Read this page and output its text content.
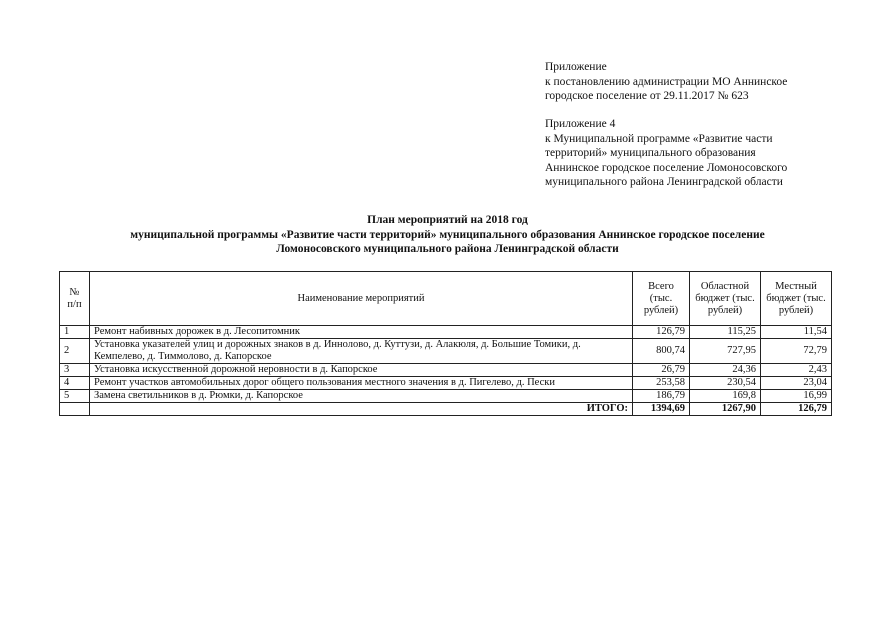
Приложение
к постановлению администрации МО Аннинское
городское поселение от 29.11.2017 № 623
Приложение 4
к Муниципальной программе «Развитие части
территорий» муниципального образования
Аннинское городское поселение Ломоносовского
муниципального района Ленинградской области
План мероприятий на 2018 год
муниципальной программы «Развитие части территорий» муниципального образования Аннинское городское поселение
Ломоносовского муниципального района Ленинградской области
№ п/п	Наименование мероприятий	Всего (тыс. рублей)	Областной бюджет (тыс. рублей)	Местный бюджет (тыс. рублей)
1	Ремонт набивных дорожек в д. Лесопитомник	126,79	115,25	11,54
2	Установка указателей улиц и дорожных знаков в д. Иннолово, д. Куттузи, д. Алакюля, д. Большие Томики, д. Кемпелево, д. Тиммолово, д. Капорское	800,74	727,95	72,79
3	Установка искусственной дорожной неровности в д. Капорское	26,79	24,36	2,43
4	Ремонт участков автомобильных дорог общего пользования местного значения в д. Пигелево, д. Пески	253,58	230,54	23,04
5	Замена светильников в д. Рюмки, д. Капорское	186,79	169,8	16,99
	ИТОГО:	1394,69	1267,90	126,79
